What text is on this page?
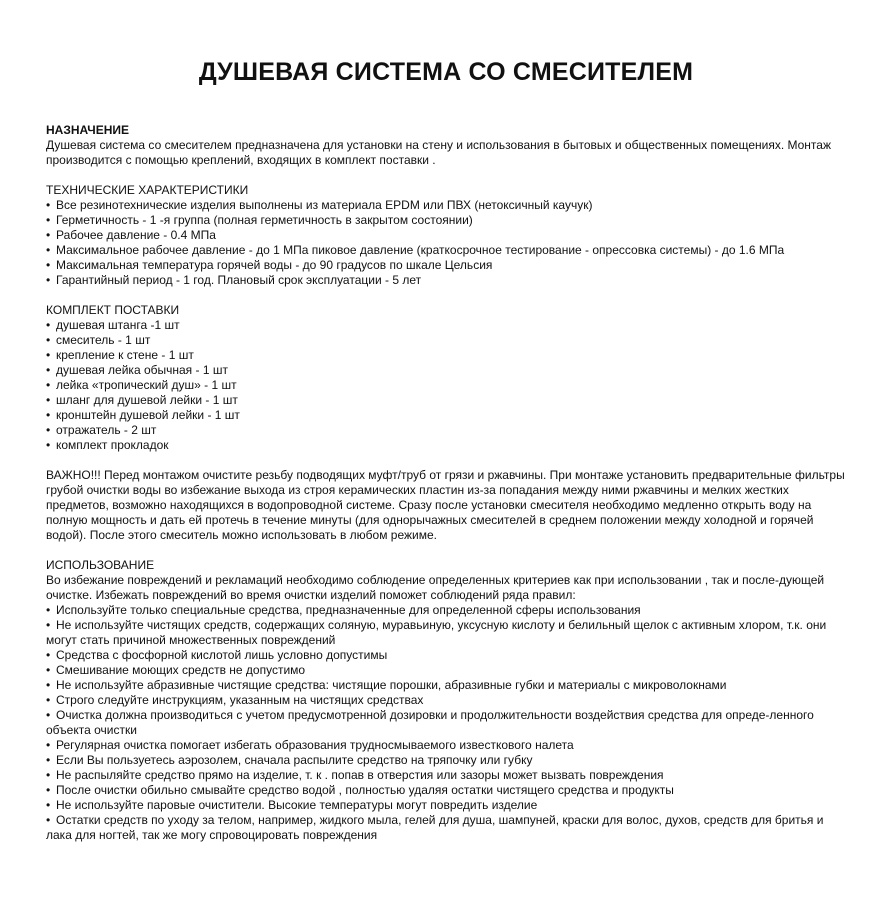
ДУШЕВАЯ СИСТЕМА СО СМЕСИТЕЛЕМ
НАЗНАЧЕНИЕ

Душевая система со смесителем предназначена для установки на стену и использования в бытовых и общественных помещениях. Монтаж производится с помощью креплений, входящих в комплект поставки .

ТЕХНИЧЕСКИЕ ХАРАКТЕРИСТИКИ
• Все резинотехнические изделия выполнены из материала EPDM или ПВХ (нетоксичный каучук)
• Герметичность - 1 -я группа (полная герметичность в закрытом состоянии)
• Рабочее давление - 0.4 МПа
• Максимальное рабочее давление - до 1 МПа пиковое давление (краткосрочное тестирование - опрессовка системы) - до 1.6 МПа
• Максимальная температура горячей воды - до 90 градусов по шкале Цельсия
• Гарантийный период - 1 год. Плановый срок эксплуатации - 5 лет
КОМПЛЕКТ ПОСТАВКИ
• душевая штанга -1 шт
• смеситель - 1 шт
• крепление к стене - 1 шт
• душевая лейка обычная - 1 шт
• лейка «тропический душ» - 1 шт
• шланг для душевой лейки - 1 шт
• кронштейн душевой лейки - 1 шт
• отражатель - 2 шт
• комплект прокладок

ВАЖНО!!! Перед монтажом очистите резьбу подводящих муфт/труб от грязи и ржавчины. При монтаже установить предварительные фильтры грубой очистки воды во избежание выхода из строя керамических пластин из-за попадания между ними ржавчины и мелких жестких предметов, возможно находящихся в водопроводной системе. Сразу после установки смесителя необходимо медленно открыть воду на полную мощность и дать ей протечь в течение минуты (для однорычажных смесителей в среднем положении между холодной и горячей водой). После этого смеситель можно использовать в любом режиме.

ИСПОЛЬЗОВАНИЕ

Во избежание повреждений и рекламаций необходимо соблюдение определенных критериев как при использовании , так и после-дующей очистке. Избежать повреждений во время очистки изделий поможет соблюдений ряда правил:

• Используйте только специальные средства, предназначенные для определенной сферы использования
• Не используйте чистящих средств, содержащих соляную, муравьиную, уксусную кислоту и белильный щелок с активным хлором, т.к. они могут стать причиной множественных повреждений
• Средства с фосфорной кислотой лишь условно допустимы
• Смешивание моющих средств не допустимо
• Не используйте абразивные чистящие средства: чистящие порошки, абразивные губки и материалы с микроволокнами
• Строго следуйте инструкциям, указанным на чистящих средствах
• Очистка должна производиться с учетом предусмотренной дозировки и продолжительности воздействия средства для опреде-ленного объекта очистки
• Регулярная очистка помогает избегать образования трудносмываемого известкового налета
• Если Вы пользуетесь аэрозолем, сначала распылите средство на тряпочку или губку
• Не распыляйте средство прямо на изделие, т. к . попав в отверстия или зазоры может вызвать повреждения
• После очистки обильно смывайте средство водой , полностью удаляя остатки чистящего средства и продукты
• Не используйте паровые очистители. Высокие температуры могут повредить изделие
• Остатки средств по уходу за телом, например, жидкого мыла, гелей для душа, шампуней, краски для волос, духов, средств для бритья и лака для ногтей, так же могу спровоцировать повреждения
